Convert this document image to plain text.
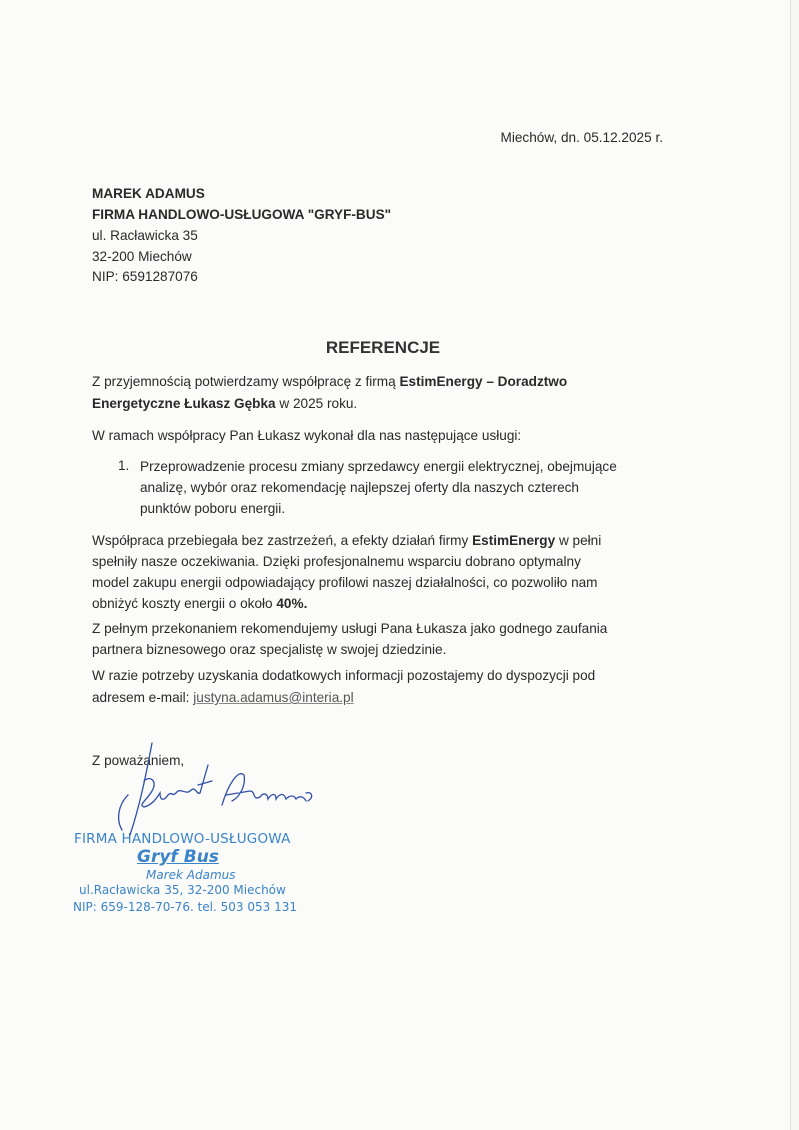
Miechów, dn. 05.12.2025 r.
MAREK ADAMUS
FIRMA HANDLOWO-USŁUGOWA "GRYF-BUS"
ul. Racławicka 35
32-200 Miechów
NIP: 6591287076
REFERENCJE
Z przyjemnością potwierdzamy współpracę z firmą EstimEnergy – Doradztwo
Energetyczne Łukasz Gębka w 2025 roku.
W ramach współpracy Pan Łukasz wykonał dla nas następujące usługi:
1. Przeprowadzenie procesu zmiany sprzedawcy energii elektrycznej, obejmujące
analizę, wybór oraz rekomendację najlepszej oferty dla naszych czterech
punktów poboru energii.
Współpraca przebiegała bez zastrzeżeń, a efekty działań firmy EstimEnergy w pełni
spełniły nasze oczekiwania. Dzięki profesjonalnemu wsparciu dobrano optymalny
model zakupu energii odpowiadający profilowi naszej działalności, co pozwoliło nam
obniżyć koszty energii o około 40%.
Z pełnym przekonaniem rekomendujemy usługi Pana Łukasza jako godnego zaufania
partnera biznesowego oraz specjalistę w swojej dziedzinie.
W razie potrzeby uzyskania dodatkowych informacji pozostajemy do dyspozycji pod
adresem e-mail: justyna.adamus@interia.pl
Z poważaniem,
FIRMA HANDLOWO-USŁUGOWA
Gryf Bus
Marek Adamus
ul.Racławicka 35, 32-200 Miechów
NIP: 659-128-70-76. tel. 503 053 131
